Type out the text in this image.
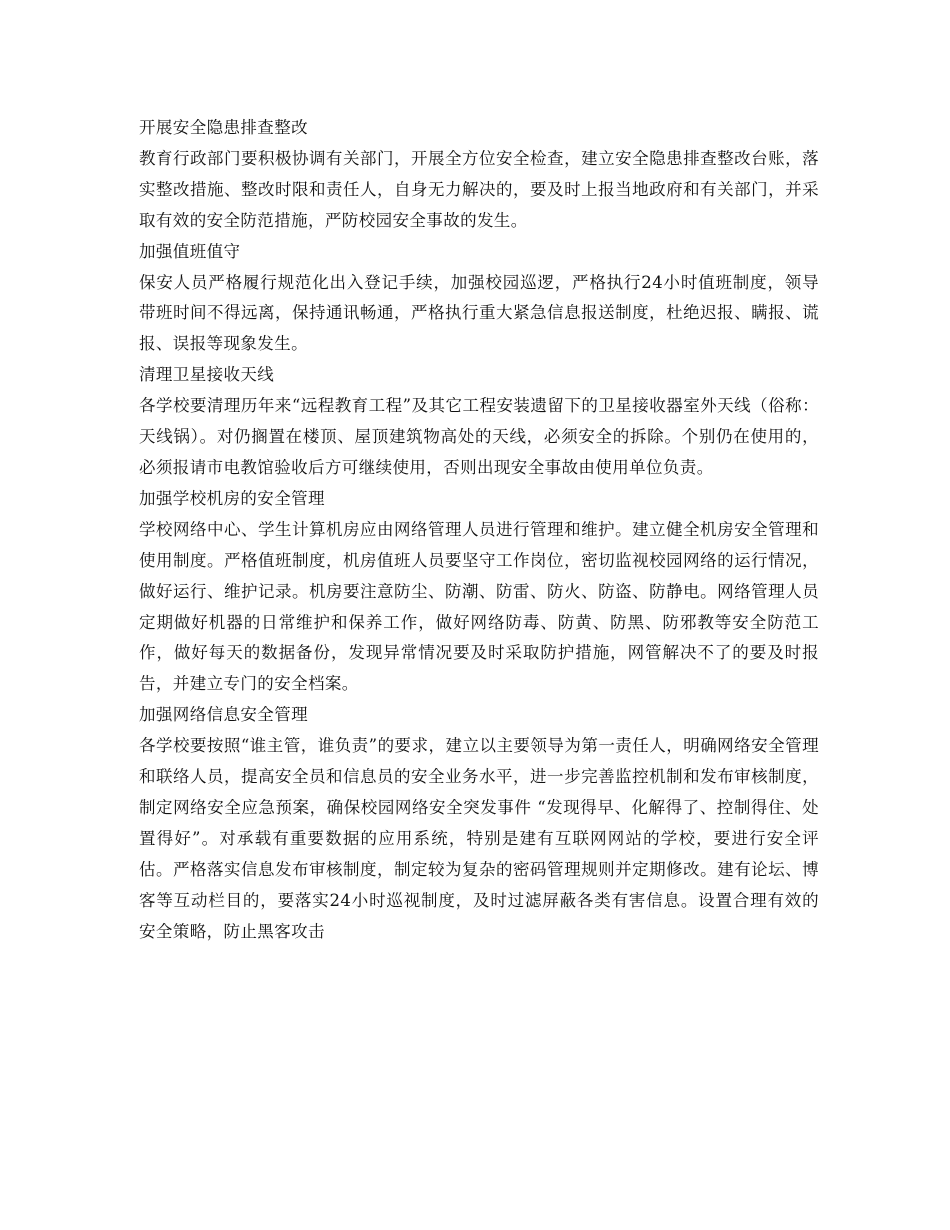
开展安全隐患排查整改

教育行政部门要积极协调有关部门，开展全方位安全检查，建立安全隐患排查整改台账，落实整改措施、整改时限和责任人，自身无力解决的，要及时上报当地政府和有关部门，并采取有效的安全防范措施，严防校园安全事故的发生。

加强值班值守

保安人员严格履行规范化出入登记手续，加强校园巡逻，严格执行24小时值班制度，领导带班时间不得远离，保持通讯畅通，严格执行重大紧急信息报送制度，杜绝迟报、瞒报、谎报、误报等现象发生。

清理卫星接收天线

各学校要清理历年来“远程教育工程”及其它工程安装遗留下的卫星接收器室外天线（俗称：天线锅）。对仍搁置在楼顶、屋顶建筑物高处的天线，必须安全的拆除。个别仍在使用的，必须报请市电教馆验收后方可继续使用，否则出现安全事故由使用单位负责。

加强学校机房的安全管理

学校网络中心、学生计算机房应由网络管理人员进行管理和维护。建立健全机房安全管理和使用制度。严格值班制度，机房值班人员要坚守工作岗位，密切监视校园网络的运行情况，做好运行、维护记录。机房要注意防尘、防潮、防雷、防火、防盗、防静电。网络管理人员定期做好机器的日常维护和保养工作，做好网络防毒、防黄、防黑、防邪教等安全防范工作，做好每天的数据备份，发现异常情况要及时采取防护措施，网管解决不了的要及时报告，并建立专门的安全档案。

加强网络信息安全管理

各学校要按照“谁主管，谁负责”的要求，建立以主要领导为第一责任人，明确网络安全管理和联络人员，提高安全员和信息员的安全业务水平，进一步完善监控机制和发布审核制度，制定网络安全应急预案，确保校园网络安全突发事件 “发现得早、化解得了、控制得住、处置得好”。对承载有重要数据的应用系统，特别是建有互联网网站的学校，要进行安全评估。严格落实信息发布审核制度，制定较为复杂的密码管理规则并定期修改。建有论坛、博客等互动栏目的，要落实24小时巡视制度，及时过滤屏蔽各类有害信息。设置合理有效的安全策略，防止黑客攻击
